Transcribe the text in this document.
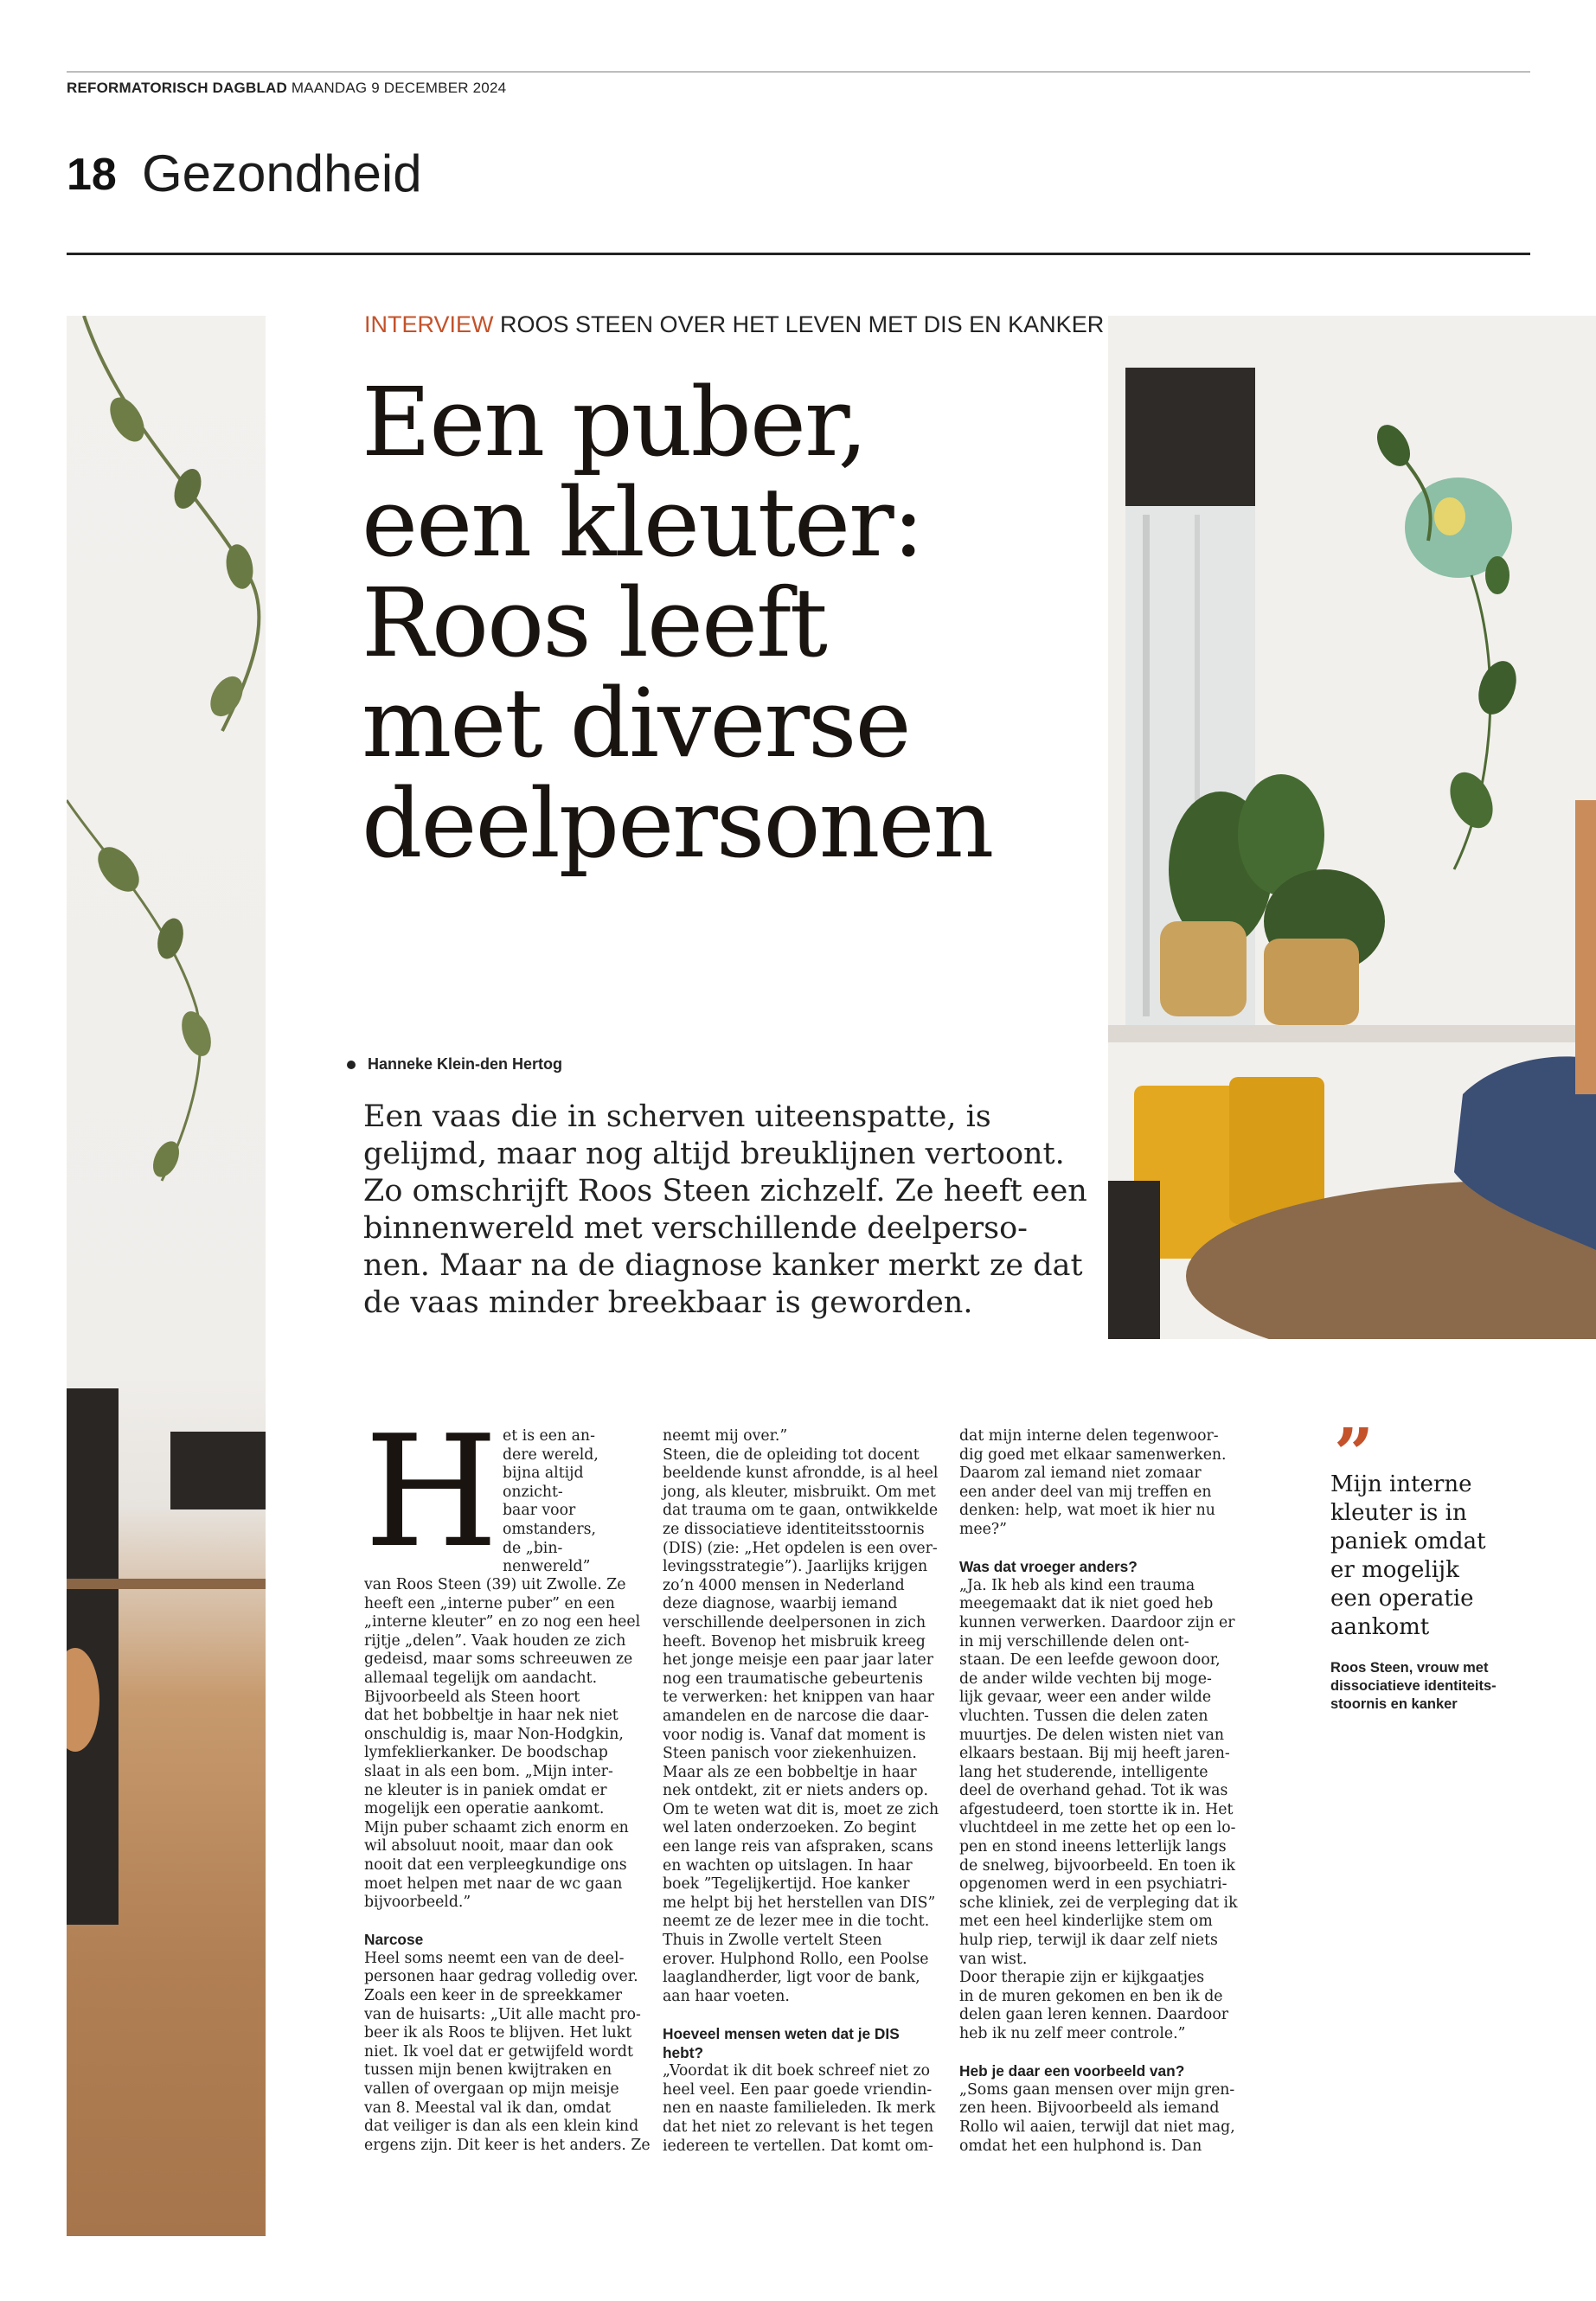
REFORMATORISCH DAGBLAD MAANDAG 9 DECEMBER 2024
18 Gezondheid
INTERVIEW ROOS STEEN OVER HET LEVEN MET DIS EN KANKER
Een puber,
een kleuter:
Roos leeft
met diverse
deelpersonen
Hanneke Klein-den Hertog
Een vaas die in scherven uiteenspatte, is
gelijmd, maar nog altijd breuklijnen vertoont.
Zo omschrijft Roos Steen zichzelf. Ze heeft een
binnenwereld met verschillende deelperso-
nen. Maar na de diagnose kanker merkt ze dat
de vaas minder breekbaar is geworden.
H et is een an-
dere wereld,
bijna altijd
onzicht-
baar voor
omstanders,
de „bin-
nenwereld”
van Roos Steen (39) uit Zwolle. Ze
heeft een „interne puber” en een
„interne kleuter” en zo nog een heel
rijtje „delen”. Vaak houden ze zich
gedeisd, maar soms schreeuwen ze
allemaal tegelijk om aandacht.
Bijvoorbeeld als Steen hoort
dat het bobbeltje in haar nek niet
onschuldig is, maar Non-Hodgkin,
lymfeklierkanker. De boodschap
slaat in als een bom. „Mijn inter-
ne kleuter is in paniek omdat er
mogelijk een operatie aankomt.
Mijn puber schaamt zich enorm en
wil absoluut nooit, maar dan ook
nooit dat een verpleegkundige ons
moet helpen met naar de wc gaan
bijvoorbeeld.”
Narcose
Heel soms neemt een van de deel-
personen haar gedrag volledig over.
Zoals een keer in de spreekkamer
van de huisarts: „Uit alle macht pro-
beer ik als Roos te blijven. Het lukt
niet. Ik voel dat er getwijfeld wordt
tussen mijn benen kwijtraken en
vallen of overgaan op mijn meisje
van 8. Meestal val ik dan, omdat
dat veiliger is dan als een klein kind
ergens zijn. Dit keer is het anders. Ze
neemt mij over.”
Steen, die de opleiding tot docent
beeldende kunst afrondde, is al heel
jong, als kleuter, misbruikt. Om met
dat trauma om te gaan, ontwikkelde
ze dissociatieve identiteitsstoornis
(DIS) (zie: „Het opdelen is een over-
levingsstrategie”). Jaarlijks krijgen
zo’n 4000 mensen in Nederland
deze diagnose, waarbij iemand
verschillende deelpersonen in zich
heeft. Bovenop het misbruik kreeg
het jonge meisje een paar jaar later
nog een traumatische gebeurtenis
te verwerken: het knippen van haar
amandelen en de narcose die daar-
voor nodig is. Vanaf dat moment is
Steen panisch voor ziekenhuizen.
Maar als ze een bobbeltje in haar
nek ontdekt, zit er niets anders op.
Om te weten wat dit is, moet ze zich
wel laten onderzoeken. Zo begint
een lange reis van afspraken, scans
en wachten op uitslagen. In haar
boek ”Tegelijkertijd. Hoe kanker
me helpt bij het herstellen van DIS”
neemt ze de lezer mee in die tocht.
Thuis in Zwolle vertelt Steen
erover. Hulphond Rollo, een Poolse
laaglandherder, ligt voor de bank,
aan haar voeten.
Hoeveel mensen weten dat je DIS
hebt?
„Voordat ik dit boek schreef niet zo
heel veel. Een paar goede vriendin-
nen en naaste familieleden. Ik merk
dat het niet zo relevant is het tegen
iedereen te vertellen. Dat komt om-
dat mijn interne delen tegenwoor-
dig goed met elkaar samenwerken.
Daarom zal iemand niet zomaar
een ander deel van mij treffen en
denken: help, wat moet ik hier nu
mee?”
Was dat vroeger anders?
„Ja. Ik heb als kind een trauma
meegemaakt dat ik niet goed heb
kunnen verwerken. Daardoor zijn er
in mij verschillende delen ont-
staan. De een leefde gewoon door,
de ander wilde vechten bij moge-
lijk gevaar, weer een ander wilde
vluchten. Tussen die delen zaten
muurtjes. De delen wisten niet van
elkaars bestaan. Bij mij heeft jaren-
lang het studerende, intelligente
deel de overhand gehad. Tot ik was
afgestudeerd, toen stortte ik in. Het
vluchtdeel in me zette het op een lo-
pen en stond ineens letterlijk langs
de snelweg, bijvoorbeeld. En toen ik
opgenomen werd in een psychiatri-
sche kliniek, zei de verpleging dat ik
met een heel kinderlijke stem om
hulp riep, terwijl ik daar zelf niets
van wist.
Door therapie zijn er kijkgaatjes
in de muren gekomen en ben ik de
delen gaan leren kennen. Daardoor
heb ik nu zelf meer controle.”
Heb je daar een voorbeeld van?
„Soms gaan mensen over mijn gren-
zen heen. Bijvoorbeeld als iemand
Rollo wil aaien, terwijl dat niet mag,
omdat het een hulphond is. Dan
”
Mijn interne
kleuter is in
paniek omdat
er mogelijk
een operatie
aankomt
Roos Steen, vrouw met
dissociatieve identiteits-
stoornis en kanker
